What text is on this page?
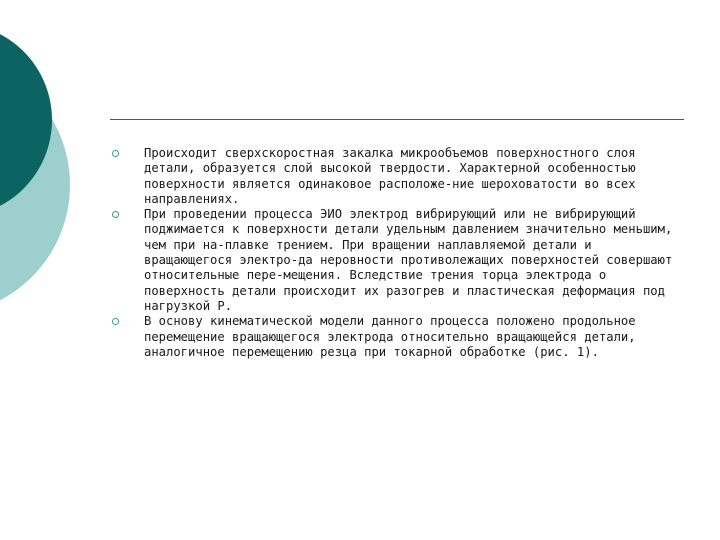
Происходит сверхскоростная закалка микрообъемов поверхностного слоя детали, образуется слой высокой твердости. Характерной особенностью поверхности является одинаковое расположе-ние шероховатости во всех направлениях.
При проведении процесса ЭИО электрод вибрирующий или не вибрирующий поджимается к поверхности детали удельным давлением значительно меньшим, чем при на-плавке трением. При вращении наплавляемой детали и вращающегося электро-да неровности противолежащих поверхностей совершают относительные пере-мещения. Вследствие трения торца электрода о поверхность детали происходит их разогрев и пластическая деформация под нагрузкой Р.
В основу кинематической модели данного процесса положено продольное перемещение вращающегося электрода относительно вращающейся детали, аналогичное перемещению резца при токарной обработке (рис. 1).
